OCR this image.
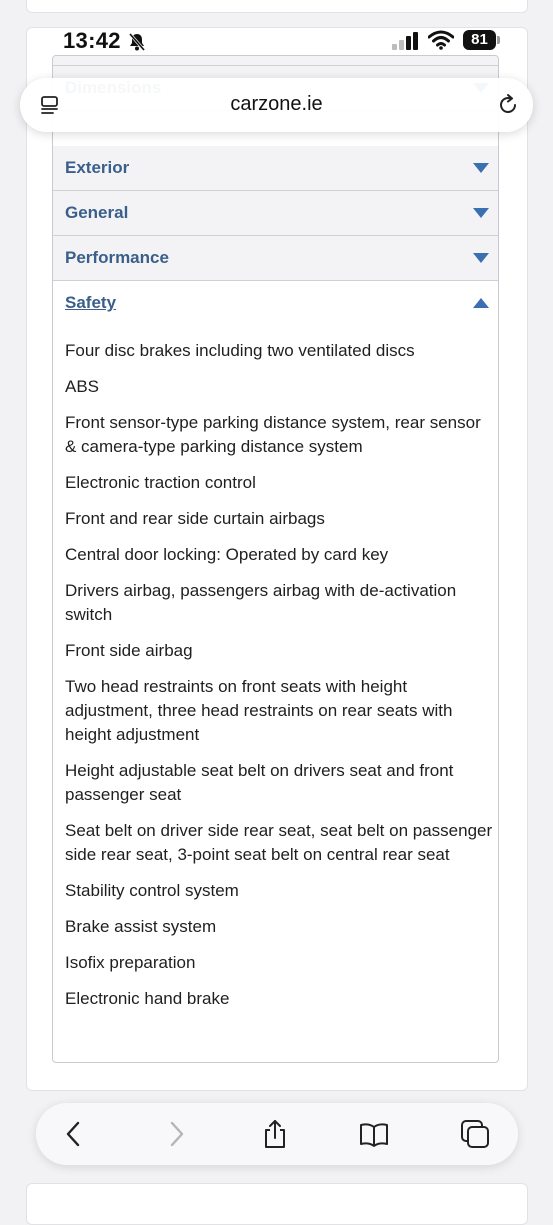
Exterior
General
Performance
Safety
Four disc brakes including two ventilated discs
ABS
Front sensor-type parking distance system, rear sensor & camera-type parking distance system
Electronic traction control
Front and rear side curtain airbags
Central door locking: Operated by card key
Drivers airbag, passengers airbag with de-activation switch
Front side airbag
Two head restraints on front seats with height adjustment, three head restraints on rear seats with height adjustment
Height adjustable seat belt on drivers seat and front passenger seat
Seat belt on driver side rear seat, seat belt on passenger side rear seat, 3-point seat belt on central rear seat
Stability control system
Brake assist system
Isofix preparation
Electronic hand brake
13:42	81
carzone.ie
